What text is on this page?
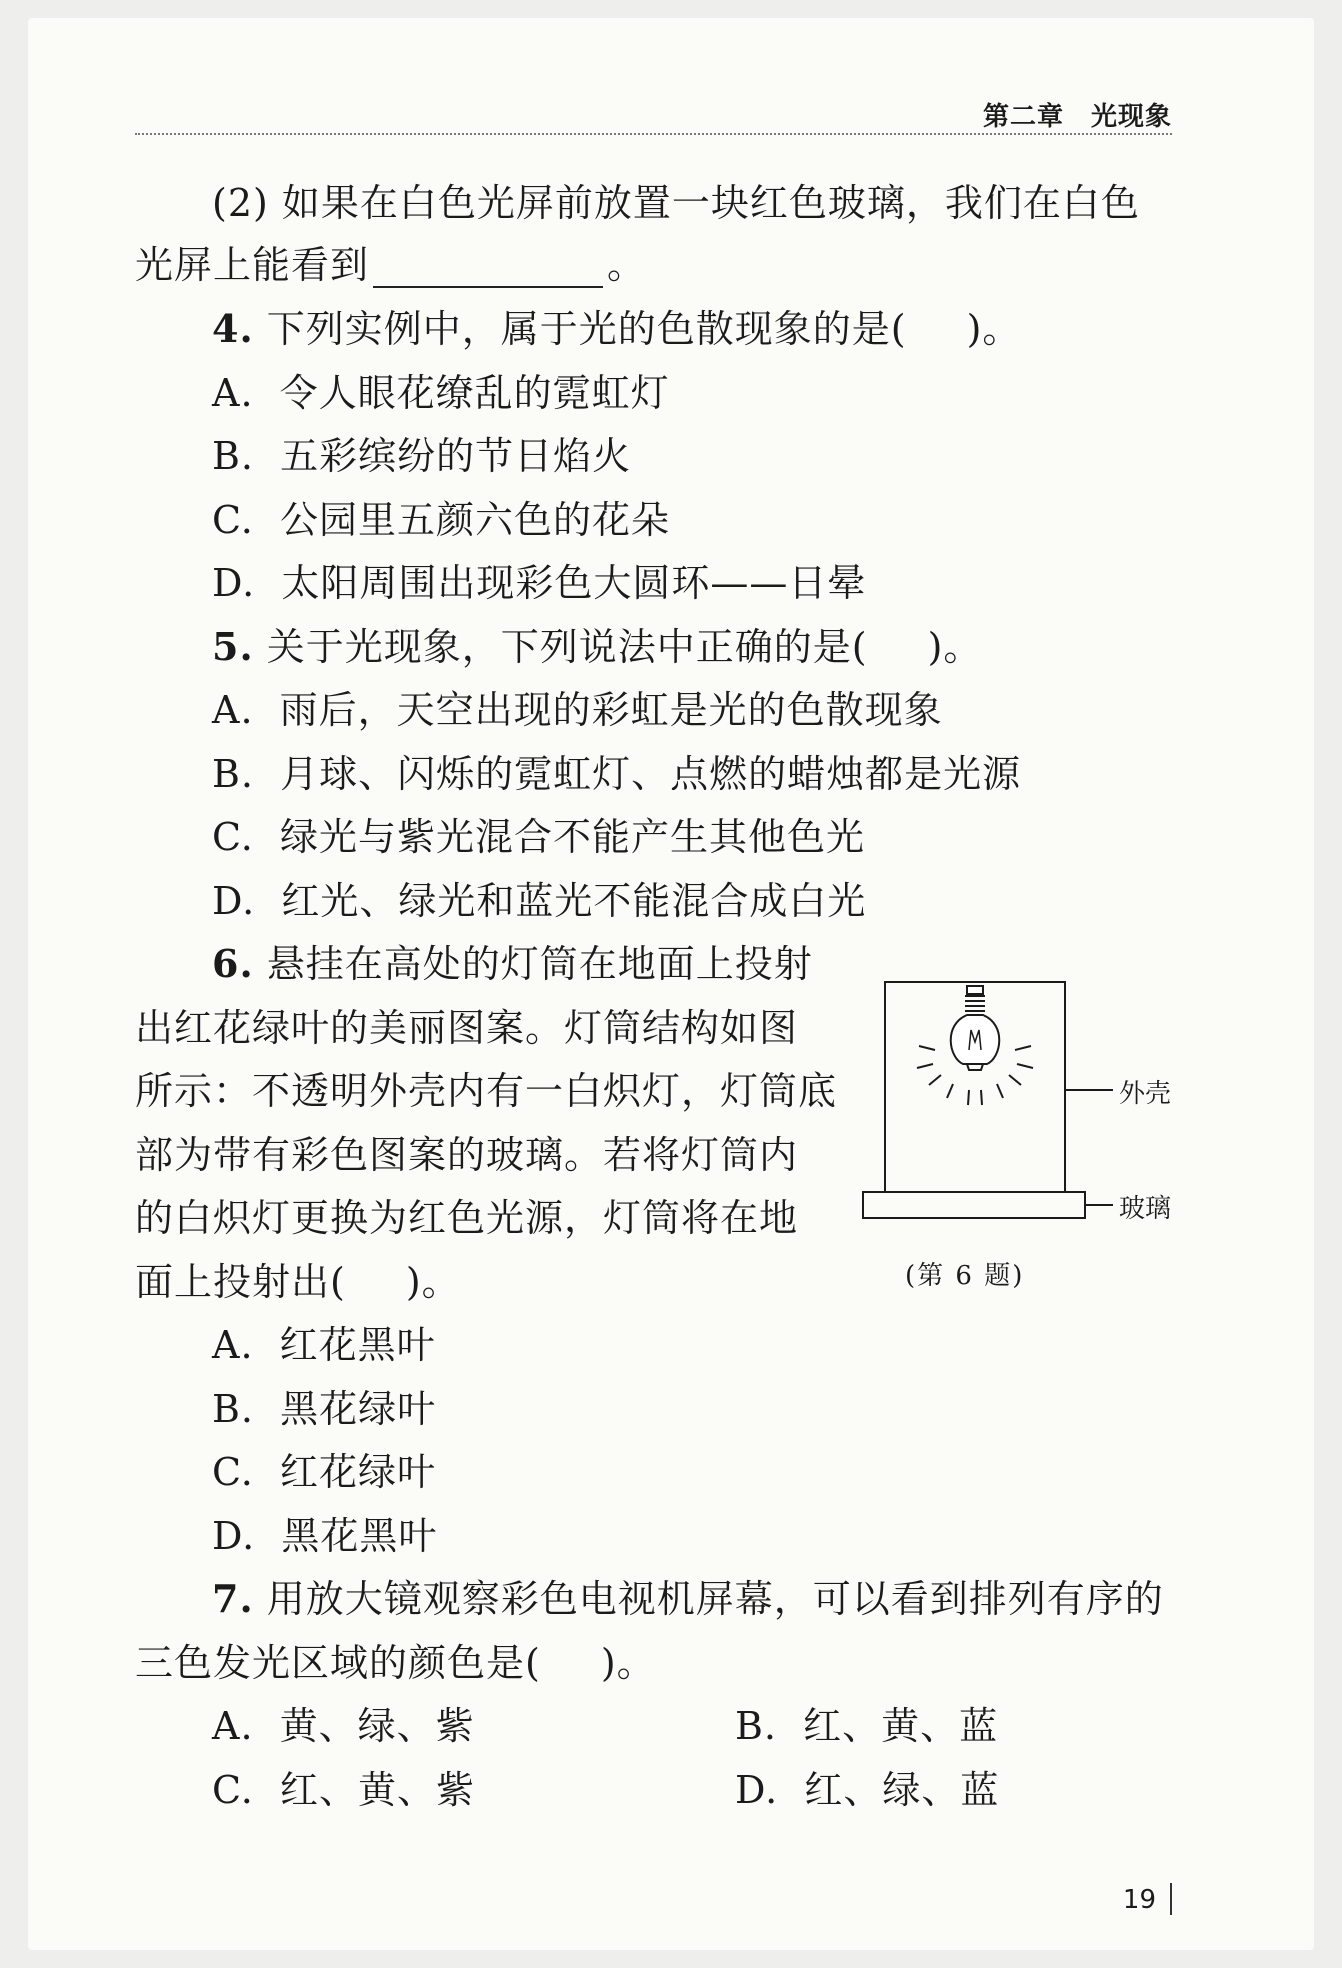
第二章　光现象
(2) 如果在白色光屏前放置一块红色玻璃，我们在白色
光屏上能看到	。
4. 下列实例中，属于光的色散现象的是( )。
A.  令人眼花缭乱的霓虹灯
B.  五彩缤纷的节日焰火
C.  公园里五颜六色的花朵
D.  太阳周围出现彩色大圆环——日晕
5. 关于光现象，下列说法中正确的是( )。
A.  雨后，天空出现的彩虹是光的色散现象
B.  月球、闪烁的霓虹灯、点燃的蜡烛都是光源
C.  绿光与紫光混合不能产生其他色光
D.  红光、绿光和蓝光不能混合成白光
6. 悬挂在高处的灯筒在地面上投射
出红花绿叶的美丽图案。灯筒结构如图
所示：不透明外壳内有一白炽灯，灯筒底
部为带有彩色图案的玻璃。若将灯筒内
的白炽灯更换为红色光源，灯筒将在地
面上投射出( )。
外壳
玻璃
(第 6 题)
A.  红花黑叶
B.  黑花绿叶
C.  红花绿叶
D.  黑花黑叶
7. 用放大镜观察彩色电视机屏幕，可以看到排列有序的
三色发光区域的颜色是( )。
A.  黄、绿、紫	B.  红、黄、蓝
C.  红、黄、紫	D.  红、绿、蓝
19
